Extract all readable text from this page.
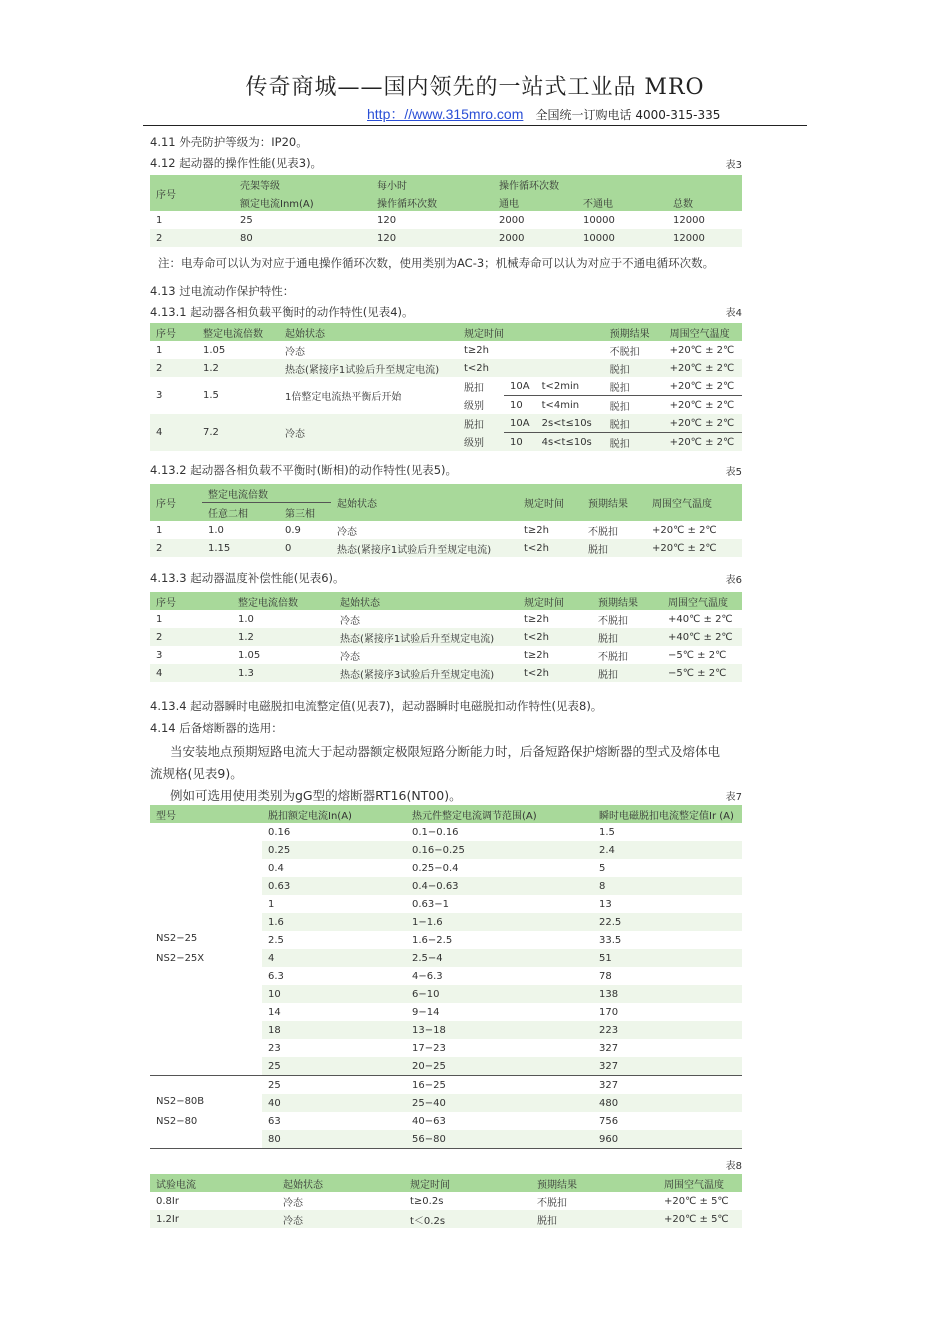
传奇商城——国内领先的一站式工业品 MRO
http：//www.315mro.com 全国统一订购电话 4000-315-335
4.11 外壳防护等级为：IP20。
4.12 起动器的操作性能(见表3)。	表3
序号	壳架等级	每小时	操作循环次数		
	额定电流Inm(A)	操作循环次数	通电	不通电	总数
1	25	120	2000	10000	12000
2	80	120	2000	10000	12000
注：电寿命可以认为对应于通电操作循环次数，使用类别为AC-3；机械寿命可以认为对应于不通电循环次数。
4.13 过电流动作保护特性：
4.13.1 起动器各相负载平衡时的动作特性(见表4)。	表4
序号	整定电流倍数	起始状态	规定时间			预期结果	周围空气温度
1	1.05	冷态	t≥2h			不脱扣	+20℃ ± 2℃
2	1.2	热态(紧接序1试验后升至规定电流)	t<2h			脱扣	+20℃ ± 2℃
3	1.5	1倍整定电流热平衡后开始	脱扣	10A	t<2min	脱扣	+20℃ ± 2℃
			级别	10	t<4min	脱扣	+20℃ ± 2℃
4	7.2	冷态	脱扣	10A	2s<t≤10s	脱扣	+20℃ ± 2℃
			级别	10	4s<t≤10s	脱扣	+20℃ ± 2℃
4.13.2 起动器各相负载不平衡时(断相)的动作特性(见表5)。	表5
序号	整定电流倍数		起始状态	规定时间	预期结果	周围空气温度
	任意二相	第三相				
1	1.0	0.9	冷态	t≥2h	不脱扣	+20℃ ± 2℃
2	1.15	0	热态(紧接序1试验后升至规定电流)	t<2h	脱扣	+20℃ ± 2℃
4.13.3 起动器温度补偿性能(见表6)。	表6
序号	整定电流倍数	起始状态	规定时间	预期结果	周围空气温度
1	1.0	冷态	t≥2h	不脱扣	+40℃ ± 2℃
2	1.2	热态(紧接序1试验后升至规定电流)	t<2h	脱扣	+40℃ ± 2℃
3	1.05	冷态	t≥2h	不脱扣	−5℃ ± 2℃
4	1.3	热态(紧接序3试验后升至规定电流)	t<2h	脱扣	−5℃ ± 2℃
4.13.4 起动器瞬时电磁脱扣电流整定值(见表7)，起动器瞬时电磁脱扣动作特性(见表8)。
4.14 后备熔断器的选用：
当安装地点预期短路电流大于起动器额定极限短路分断能力时，后备短路保护熔断器的型式及熔体电
流规格(见表9)。
例如可选用使用类别为gG型的熔断器RT16(NT00)。	表7
型号	脱扣额定电流In(A)	热元件整定电流调节范围(A)	瞬时电磁脱扣电流整定值Ir (A)

NS2−25
NS2−25X	0.16	0.1−0.16	1.5
	0.25	0.16−0.25	2.4
	0.4	0.25−0.4	5
	0.63	0.4−0.63	8
	1	0.63−1	13
	1.6	1−1.6	22.5
	2.5	1.6−2.5	33.5
	4	2.5−4	51
	6.3	4−6.3	78
	10	6−10	138
	14	9−14	170
	18	13−18	223
	23	17−23	327
	25	20−25	327

NS2−80B
NS2−80	25	16−25	327
	40	25−40	480
	63	40−63	756
	80	56−80	960
表8
试验电流	起始状态	规定时间	预期结果	周围空气温度
0.8Ir	冷态	t≥0.2s	不脱扣	+20℃ ± 5℃
1.2Ir	冷态	t＜0.2s	脱扣	+20℃ ± 5℃
